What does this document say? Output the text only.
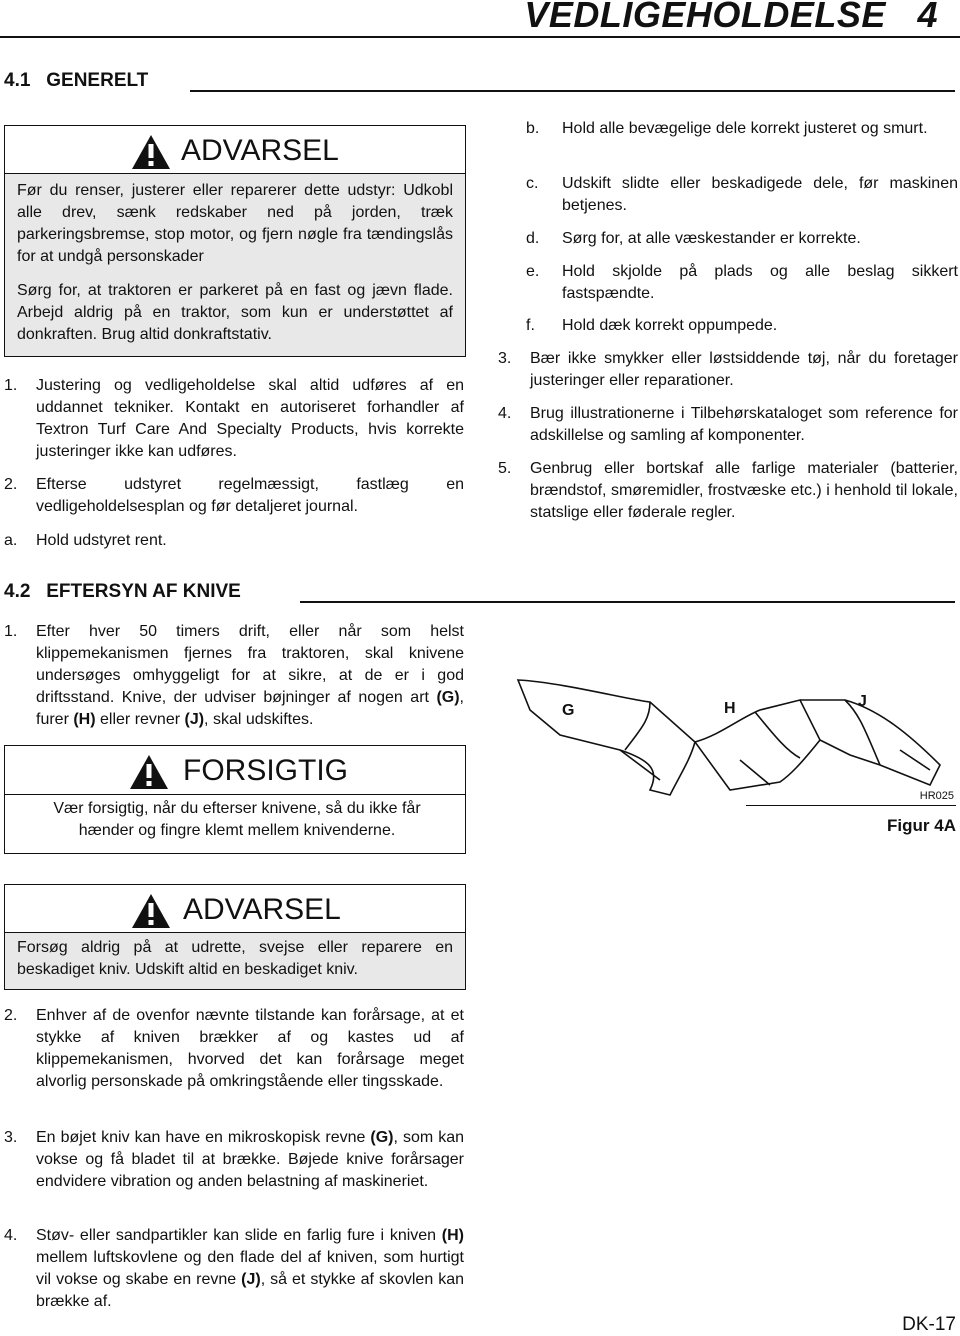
VEDLIGEHOLDELSE 4
4.1   GENERELT
ADVARSEL

Før du renser, justerer eller reparerer dette udstyr: Udkobl alle drev, sænk redskaber ned på jorden, træk parkeringsbremse, stop motor, og fjern nøgle fra tændingslås for at undgå personskader

Sørg for, at traktoren er parkeret på en fast og jævn flade. Arbejd aldrig på en traktor, som kun er understøttet af donkraften. Brug altid donkraftstativ.

1. Justering og vedligeholdelse skal altid udføres af en uddannet tekniker. Kontakt en autoriseret forhandler af Textron Turf Care And Specialty Products, hvis korrekte justeringer ikke kan udføres.
2. Efterse udstyret regelmæssigt, fastlæg en vedligeholdelsesplan og før detaljeret journal.
a. Hold udstyret rent.
b. Hold alle bevægelige dele korrekt justeret og smurt.
c. Udskift slidte eller beskadigede dele, før maskinen betjenes.
d. Sørg for, at alle væskestander er korrekte.
e. Hold skjolde på plads og alle beslag sikkert fastspændte.
f. Hold dæk korrekt oppumpede.
3. Bær ikke smykker eller løstsiddende tøj, når du foretager justeringer eller reparationer.
4. Brug illustrationerne i Tilbehørskataloget som reference for adskillelse og samling af komponenter.
5. Genbrug eller bortskaf alle farlige materialer (batterier, brændstof, smøremidler, frostvæske etc.) i henhold til lokale, statslige eller føderale regler.
4.2   EFTERSYN AF KNIVE
1. Efter hver 50 timers drift, eller når som helst klippemekanismen fjernes fra traktoren, skal knivene undersøges omhyggeligt for at sikre, at de er i god driftsstand. Knive, der udviser bøjninger af nogen art (G), furer (H) eller revner (J), skal udskiftes.
FORSIGTIG

Vær forsigtig, når du efterser knivene, så du ikke får hænder og fingre klemt mellem knivenderne.

G	H	J
HR025
Figur 4A
ADVARSEL

Forsøg aldrig på at udrette, svejse eller reparere en beskadiget kniv. Udskift altid en beskadiget kniv.

2. Enhver af de ovenfor nævnte tilstande kan forårsage, at et stykke af kniven brækker af og kastes ud af klippemekanismen, hvorved det kan forårsage meget alvorlig personskade på omkringstående eller tingsskade.
3. En bøjet kniv kan have en mikroskopisk revne (G), som kan vokse og få bladet til at brække. Bøjede knive forårsager endvidere vibration og anden belastning af maskineriet.
4. Støv- eller sandpartikler kan slide en farlig fure i kniven (H) mellem luftskovlene og den flade del af kniven, som hurtigt vil vokse og skabe en revne (J), så et stykke af skovlen kan brække af.
DK-17
